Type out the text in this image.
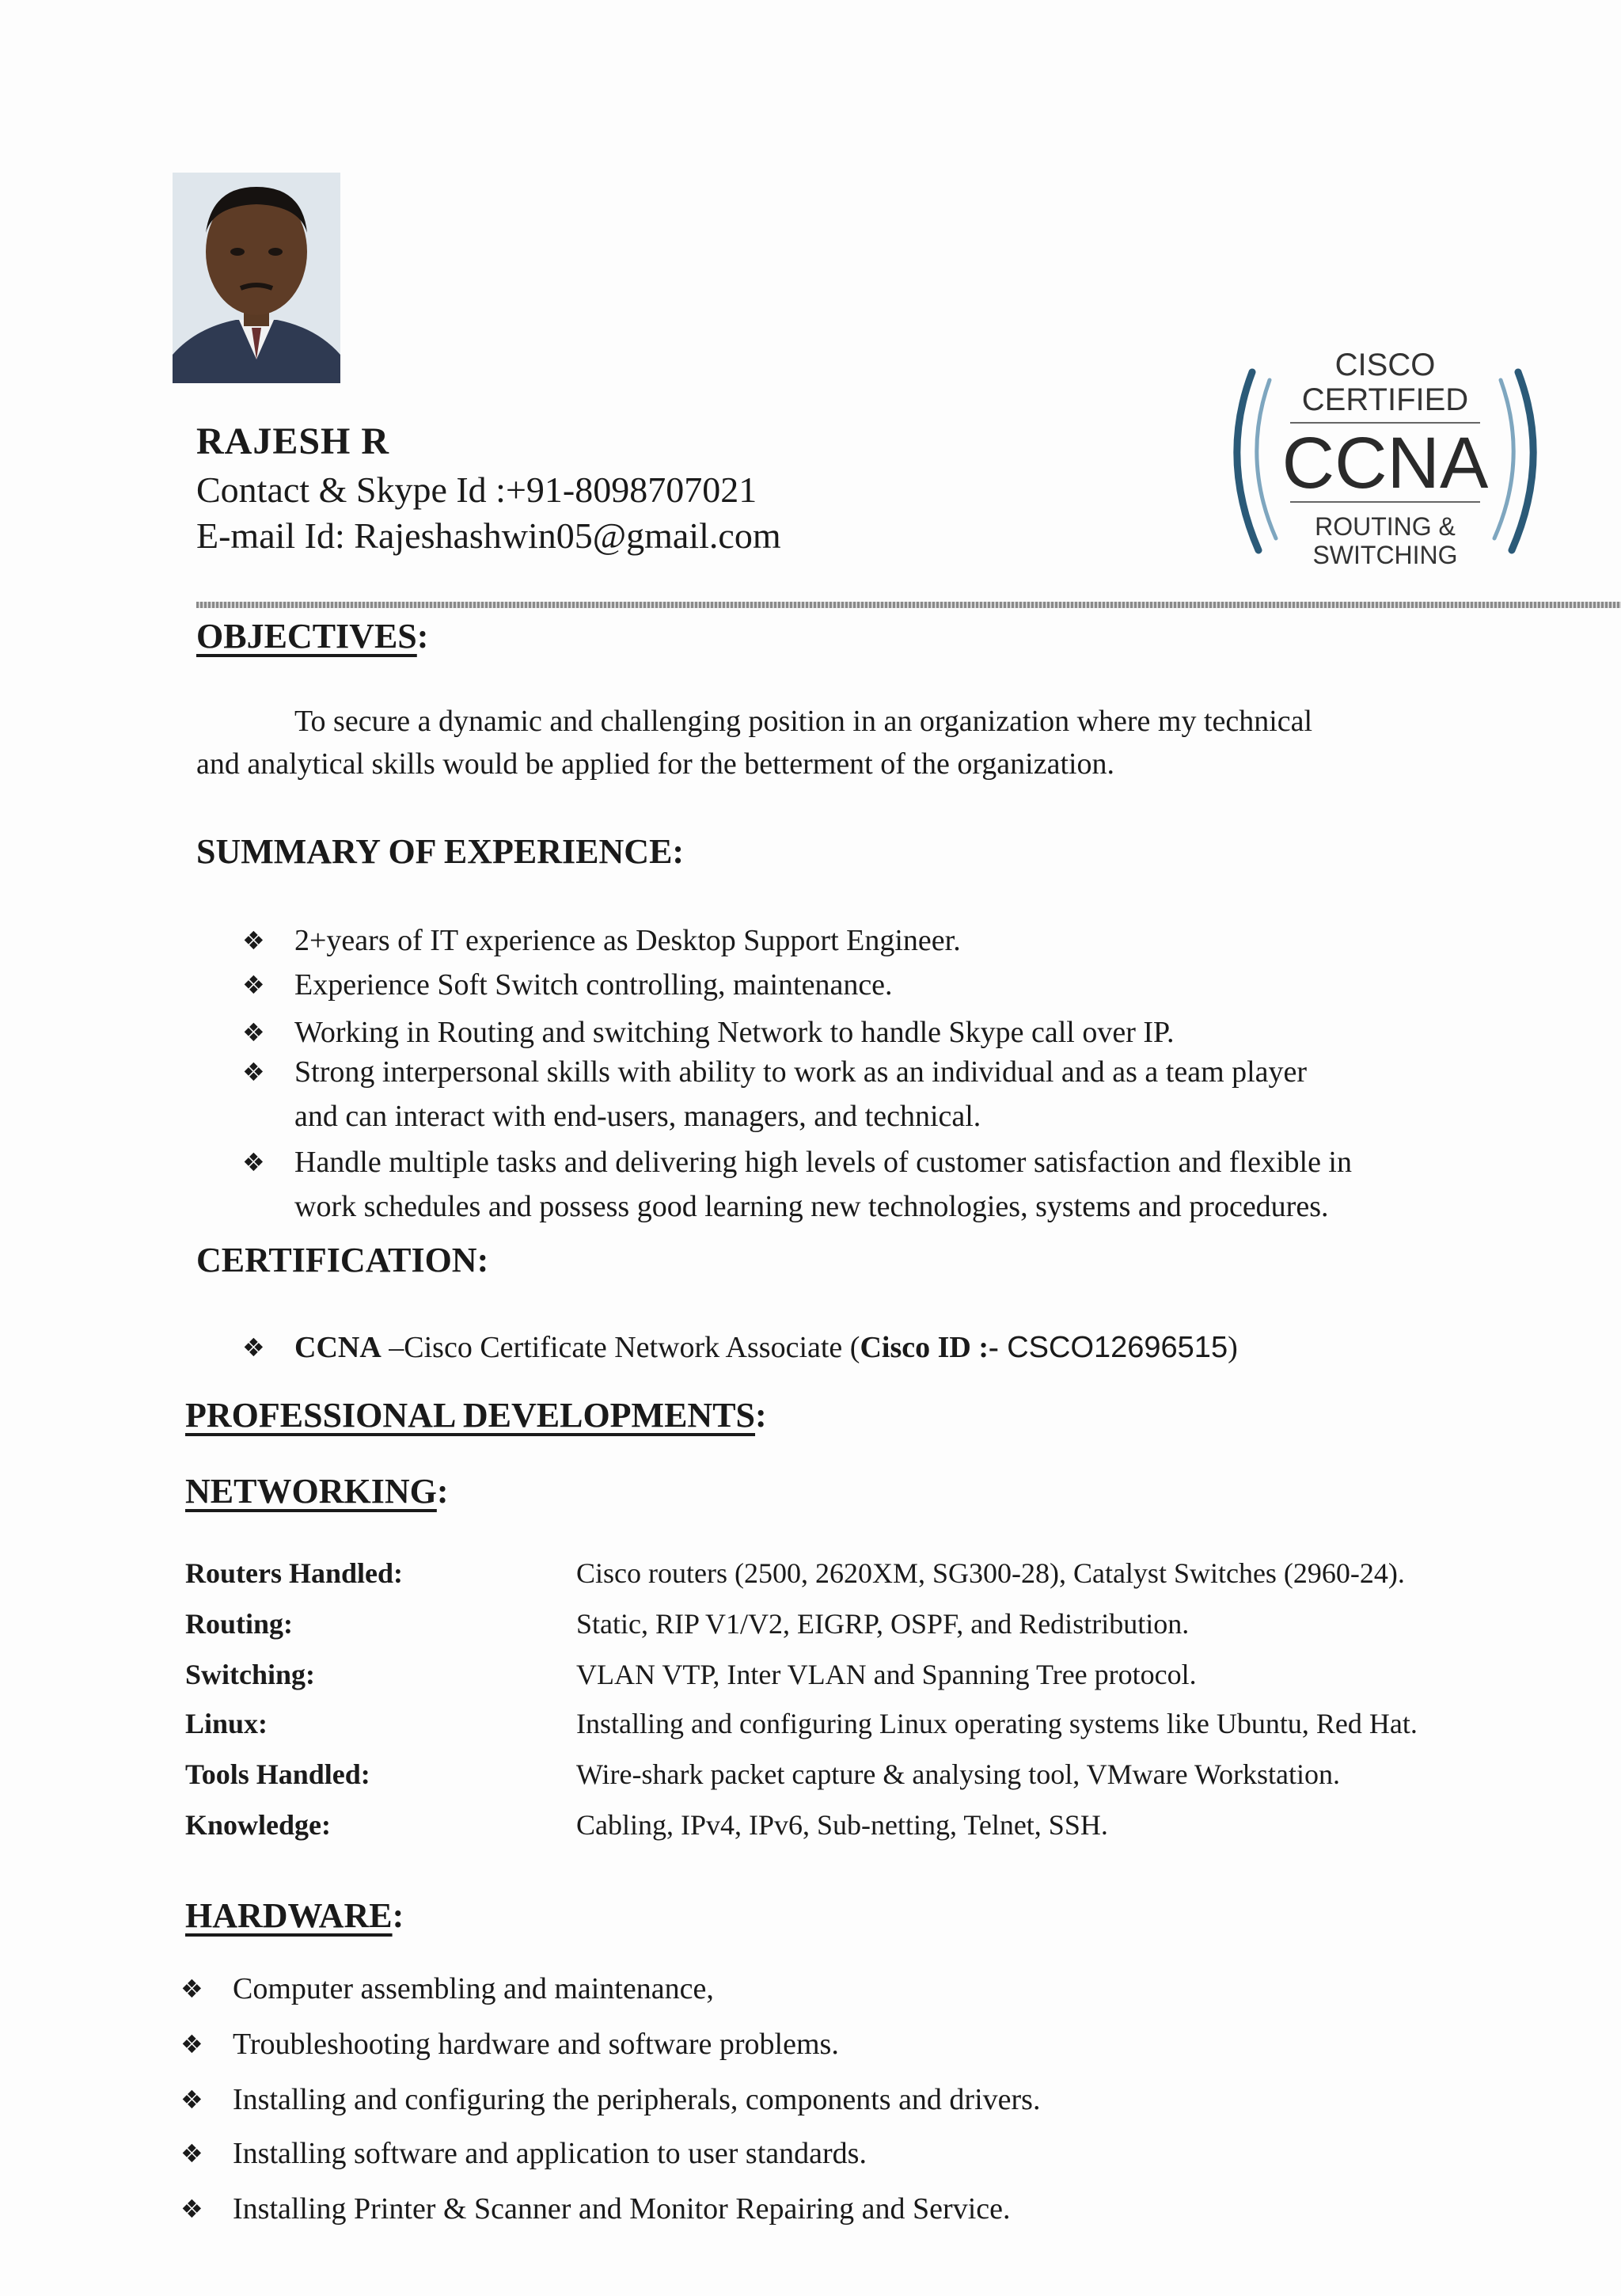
CISCO
CERTIFIED
CCNA
ROUTING &
SWITCHING
RAJESH R
Contact & Skype Id :+91-8098707021
E-mail Id: Rajeshashwin05@gmail.com
OBJECTIVES:
To secure a dynamic and challenging position in an organization where my technical
and analytical skills would be applied for the betterment of the organization.
SUMMARY OF EXPERIENCE:
❖ 2+years of IT experience as Desktop Support Engineer.
❖ Experience Soft Switch controlling, maintenance.
❖ Working in Routing and switching Network to handle Skype call over IP.
❖ Strong interpersonal skills with ability to work as an individual and as a team player
and can interact with end-users, managers, and technical.
❖ Handle multiple tasks and delivering high levels of customer satisfaction and flexible in
work schedules and possess good learning new technologies, systems and procedures.
CERTIFICATION:
❖ CCNA –Cisco Certificate Network Associate (Cisco ID :- CSCO12696515)
PROFESSIONAL DEVELOPMENTS:
NETWORKING:
Routers Handled:	Cisco routers (2500, 2620XM, SG300-28), Catalyst Switches (2960-24).
Routing:	Static, RIP V1/V2, EIGRP, OSPF, and Redistribution.
Switching:	VLAN VTP, Inter VLAN and Spanning Tree protocol.
Linux:	Installing and configuring Linux operating systems like Ubuntu, Red Hat.
Tools Handled:	Wire-shark packet capture & analysing tool, VMware Workstation.
Knowledge:	Cabling, IPv4, IPv6, Sub-netting, Telnet, SSH.
HARDWARE:
❖ Computer assembling and maintenance,
❖ Troubleshooting hardware and software problems.
❖ Installing and configuring the peripherals, components and drivers.
❖ Installing software and application to user standards.
❖ Installing Printer & Scanner and Monitor Repairing and Service.
